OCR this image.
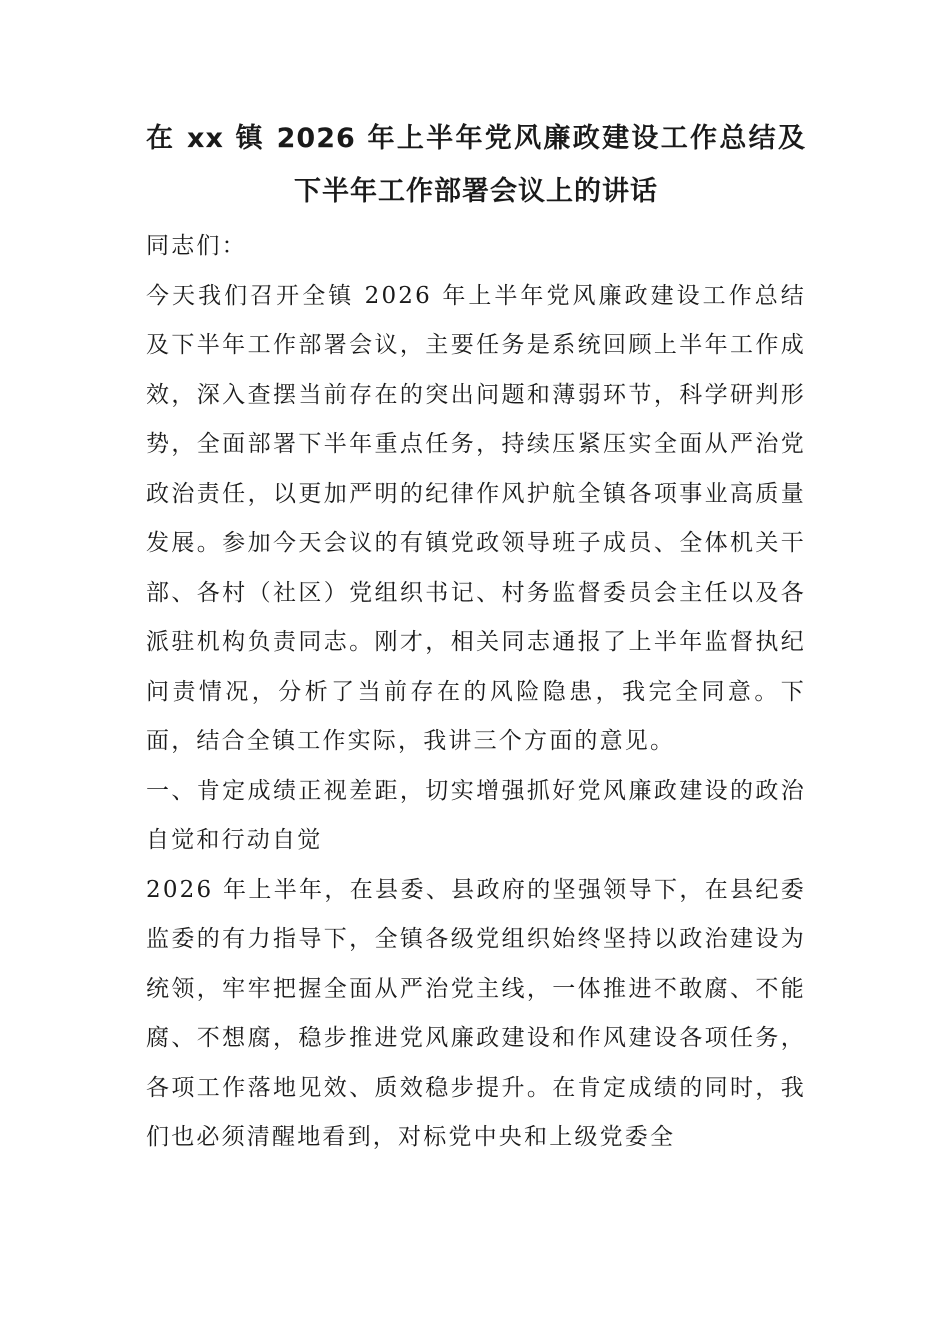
在 xx 镇 2026 年上半年党风廉政建设工作总结及下半年工作部署会议上的讲话

同志们：

今天我们召开全镇 2026 年上半年党风廉政建设工作总结及下半年工作部署会议，主要任务是系统回顾上半年工作成效，深入查摆当前存在的突出问题和薄弱环节，科学研判形势，全面部署下半年重点任务，持续压紧压实全面从严治党政治责任，以更加严明的纪律作风护航全镇各项事业高质量发展。参加今天会议的有镇党政领导班子成员、全体机关干部、各村（社区）党组织书记、村务监督委员会主任以及各派驻机构负责同志。刚才，相关同志通报了上半年监督执纪问责情况，分析了当前存在的风险隐患，我完全同意。下面，结合全镇工作实际，我讲三个方面的意见。

一、肯定成绩正视差距，切实增强抓好党风廉政建设的政治自觉和行动自觉

2026 年上半年，在县委、县政府的坚强领导下，在县纪委监委的有力指导下，全镇各级党组织始终坚持以政治建设为统领，牢牢把握全面从严治党主线，一体推进不敢腐、不能腐、不想腐，稳步推进党风廉政建设和作风建设各项任务，各项工作落地见效、质效稳步提升。在肯定成绩的同时，我们也必须清醒地看到，对标党中央和上级党委全
